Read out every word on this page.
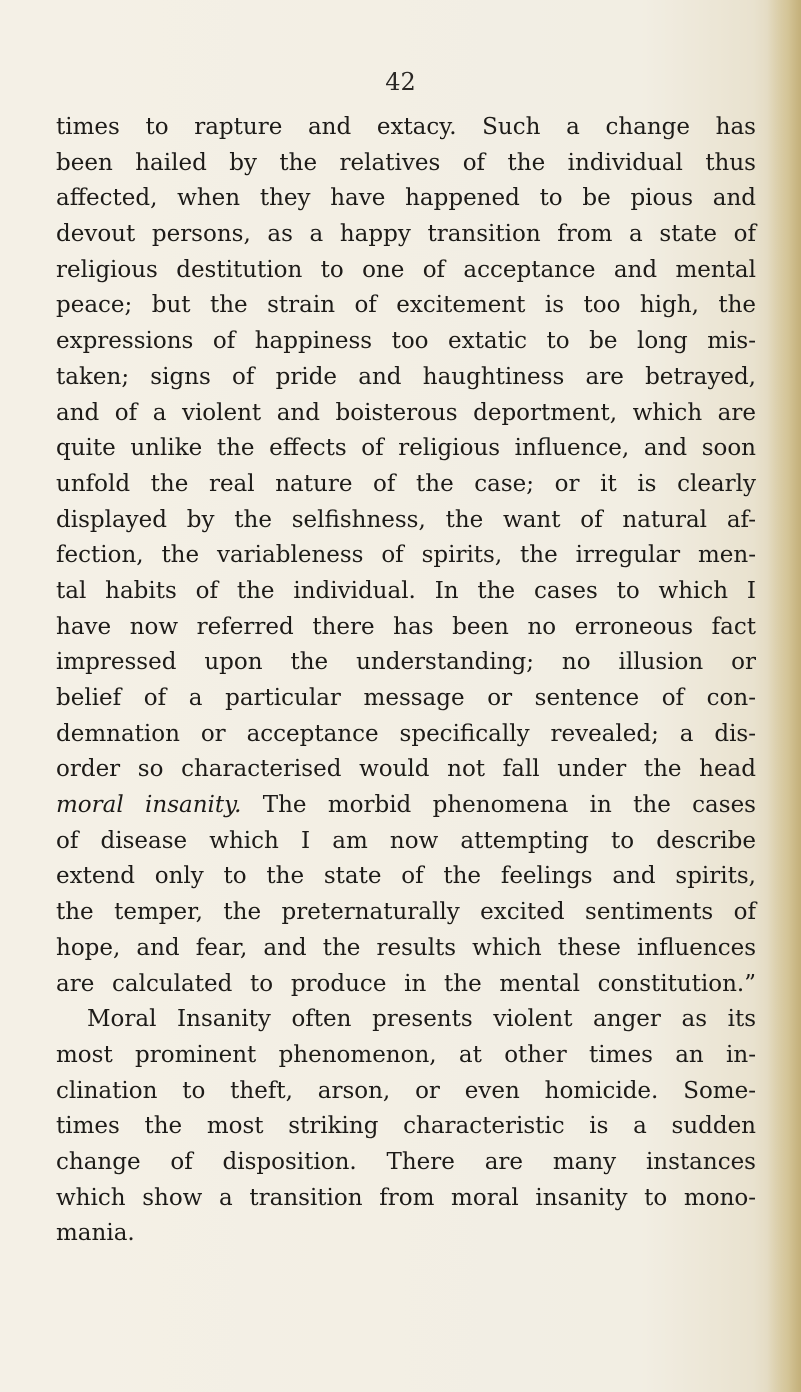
42
times to rapture and extacy. Such a change has
been hailed by the relatives of the individual thus
affected, when they have happened to be pious and
devout persons, as a happy transition from a state of
religious destitution to one of acceptance and mental
peace; but the strain of excitement is too high, the
expressions of happiness too extatic to be long mis-
taken; signs of pride and haughtiness are betrayed,
and of a violent and boisterous deportment, which are
quite unlike the effects of religious influence, and soon
unfold the real nature of the case; or it is clearly
displayed by the selfishness, the want of natural af-
fection, the variableness of spirits, the irregular men-
tal habits of the individual. In the cases to which I
have now referred there has been no erroneous fact
impressed upon the understanding; no illusion or
belief of a particular message or sentence of con-
demnation or acceptance specifically revealed; a dis-
order so characterised would not fall under the head
moral insanity. The morbid phenomena in the cases
of disease which I am now attempting to describe
extend only to the state of the feelings and spirits,
the temper, the preternaturally excited sentiments of
hope, and fear, and the results which these influences
are calculated to produce in the mental constitution.”
Moral Insanity often presents violent anger as its
most prominent phenomenon, at other times an in-
clination to theft, arson, or even homicide. Some-
times the most striking characteristic is a sudden
change of disposition. There are many instances
which show a transition from moral insanity to mono-
mania.
